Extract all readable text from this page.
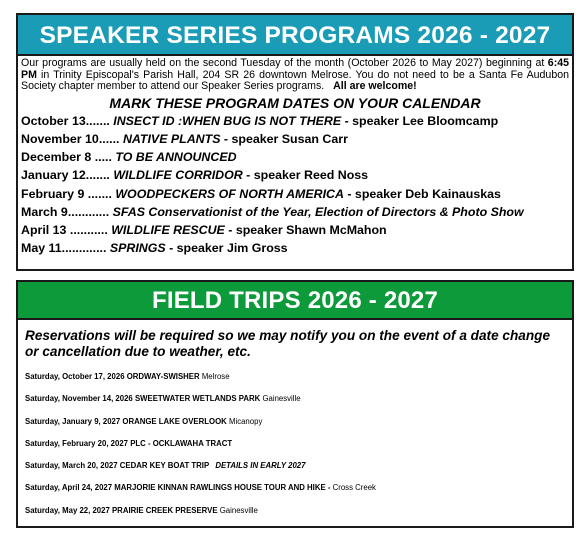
SPEAKER SERIES PROGRAMS 2026 - 2027

Our programs are usually held on the second Tuesday of the month (October 2026 to May 2027) beginning at 6:45 PM in Trinity Episcopal's Parish Hall, 204 SR 26 downtown Melrose. You do not need to be a Santa Fe Audubon Society chapter member to attend our Speaker Series programs. All are welcome!

MARK THESE PROGRAM DATES ON YOUR CALENDAR
October 13....... INSECT ID :WHEN BUG IS NOT THERE - speaker Lee Bloomcamp
November 10...... NATIVE PLANTS - speaker Susan Carr
December 8 ..... TO BE ANNOUNCED
January 12....... WILDLIFE CORRIDOR - speaker Reed Noss
February 9 ....... WOODPECKERS OF NORTH AMERICA - speaker Deb Kainauskas
March 9............ SFAS Conservationist of the Year, Election of Directors & Photo Show
April 13 ........... WILDLIFE RESCUE - speaker Shawn McMahon
May 11............. SPRINGS - speaker Jim Gross
FIELD TRIPS 2026 - 2027

Reservations will be required so we may notify you on the event of a date change or cancellation due to weather, etc.

Saturday, October 17, 2026 ORDWAY-SWISHER Melrose
Saturday, November 14, 2026 SWEETWATER WETLANDS PARK Gainesville
Saturday, January 9, 2027 ORANGE LAKE OVERLOOK Micanopy
Saturday, February 20, 2027 PLC - OCKLAWAHA TRACT
Saturday, March 20, 2027 CEDAR KEY BOAT TRIP DETAILS IN EARLY 2027
Saturday, April 24, 2027 MARJORIE KINNAN RAWLINGS HOUSE TOUR AND HIKE - Cross Creek
Saturday, May 22, 2027 PRAIRIE CREEK PRESERVE Gainesville
